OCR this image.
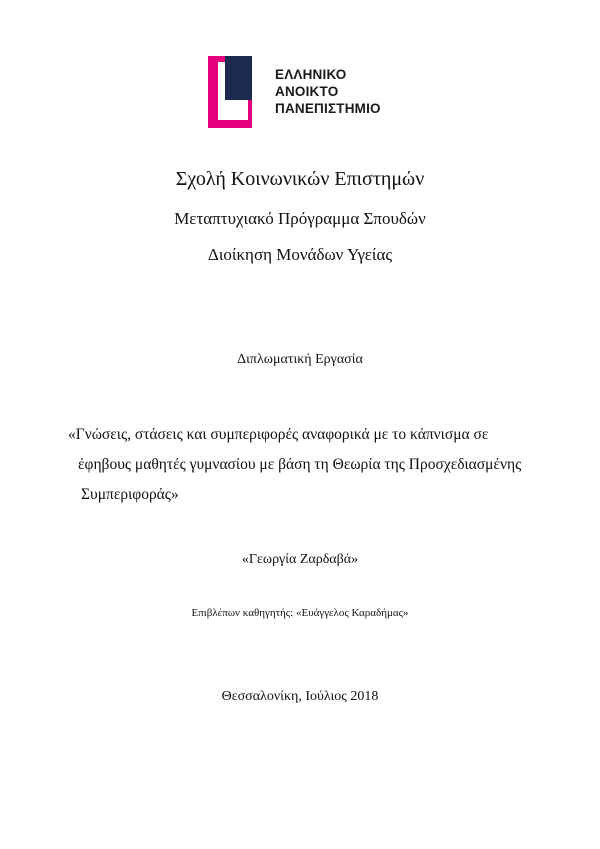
ΕΛΛΗΝΙΚΟ
ΑΝΟΙΚΤΟ
ΠΑΝΕΠΙΣΤΗΜΙΟ
Σχολή Κοινωνικών Επιστημών
Μεταπτυχιακό Πρόγραμμα Σπουδών
Διοίκηση Μονάδων Υγείας
Διπλωματική Εργασία
«Γνώσεις, στάσεις και συμπεριφορές αναφορικά με το κάπνισμα σε
έφηβους μαθητές γυμνασίου με βάση τη Θεωρία της Προσχεδιασμένης
Συμπεριφοράς»
«Γεωργία Ζαρδαβά»
Επιβλέπων καθηγητής: «Ευάγγελος Καραδήμας»
Θεσσαλονίκη, Ιούλιος 2018
